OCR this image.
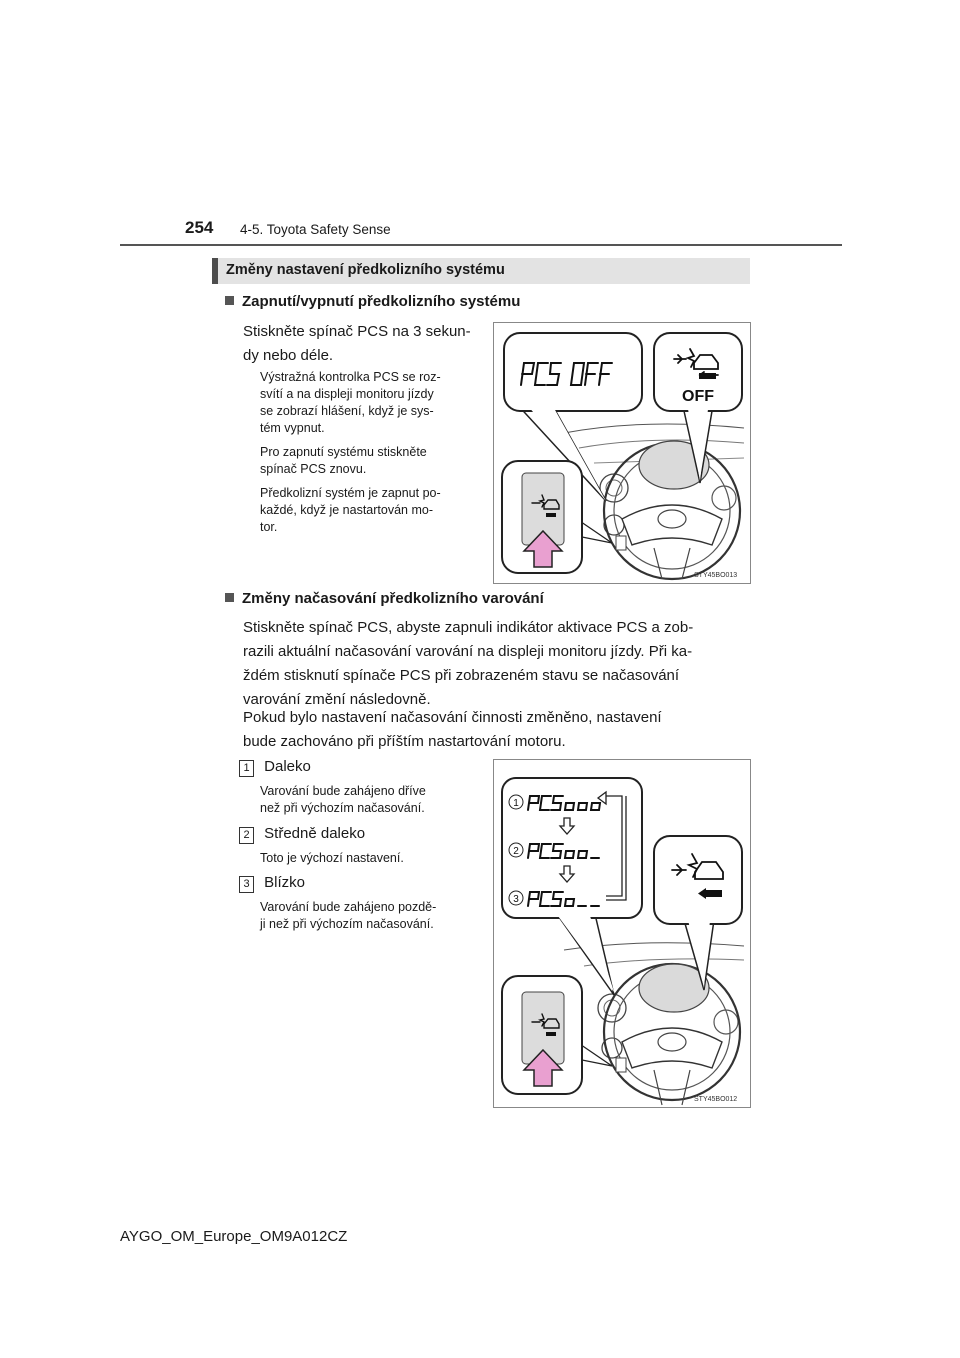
254 4-5. Toyota Safety Sense
Změny nastavení předkolizního systému
Zapnutí/vypnutí předkolizního systému
Stiskněte spínač PCS na 3 sekun-
dy nebo déle.
Výstražná kontrolka PCS se roz-
svítí a na displeji monitoru jízdy
se zobrazí hlášení, když je sys-
tém vypnut.
Pro zapnutí systému stiskněte
spínač PCS znovu.
Předkolizní systém je zapnut po-
každé, když je nastartován mo-
tor.
OFF
STY45BO013
Změny načasování předkolizního varování
Stiskněte spínač PCS, abyste zapnuli indikátor aktivace PCS a zob-
razili aktuální načasování varování na displeji monitoru jízdy. Při ka-
ždém stisknutí spínače PCS při zobrazeném stavu se načasování
varování změní následovně.
Pokud bylo nastavení načasování činnosti změněno, nastavení
bude zachováno při příštím nastartování motoru.
1 Daleko
Varování bude zahájeno dříve
než při výchozím načasování.
2 Středně daleko
Toto je výchozí nastavení.
3 Blízko
Varování bude zahájeno pozdě-
ji než při výchozím načasování.
1
2
3
STY45BO012
AYGO_OM_Europe_OM9A012CZ
